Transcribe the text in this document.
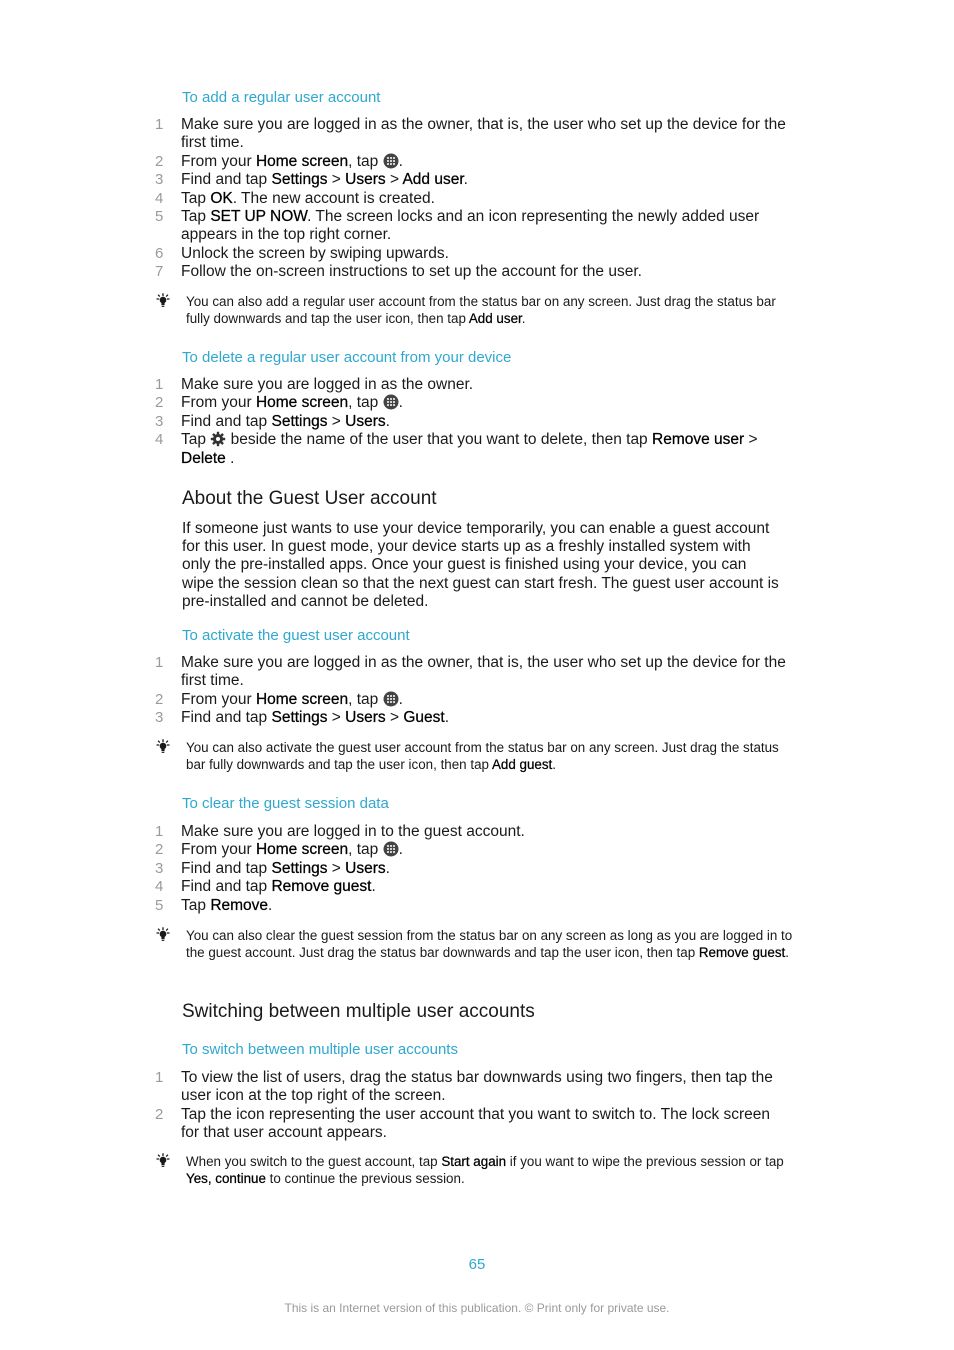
To add a regular user account
1 Make sure you are logged in as the owner, that is, the user who set up the device for the first time.
2 From your Home screen, tap .
3 Find and tap Settings > Users > Add user.
4 Tap OK. The new account is created.
5 Tap SET UP NOW. The screen locks and an icon representing the newly added user appears in the top right corner.
6 Unlock the screen by swiping upwards.
7 Follow the on-screen instructions to set up the account for the user.
You can also add a regular user account from the status bar on any screen. Just drag the status bar fully downwards and tap the user icon, then tap Add user.
To delete a regular user account from your device
1 Make sure you are logged in as the owner.
2 From your Home screen, tap .
3 Find and tap Settings > Users.
4 Tap  beside the name of the user that you want to delete, then tap Remove user > Delete .
About the Guest User account
If someone just wants to use your device temporarily, you can enable a guest account for this user. In guest mode, your device starts up as a freshly installed system with only the pre-installed apps. Once your guest is finished using your device, you can wipe the session clean so that the next guest can start fresh. The guest user account is pre-installed and cannot be deleted.
To activate the guest user account
1 Make sure you are logged in as the owner, that is, the user who set up the device for the first time.
2 From your Home screen, tap .
3 Find and tap Settings > Users > Guest.
You can also activate the guest user account from the status bar on any screen. Just drag the status bar fully downwards and tap the user icon, then tap Add guest.
To clear the guest session data
1 Make sure you are logged in to the guest account.
2 From your Home screen, tap .
3 Find and tap Settings > Users.
4 Find and tap Remove guest.
5 Tap Remove.
You can also clear the guest session from the status bar on any screen as long as you are logged in to the guest account. Just drag the status bar downwards and tap the user icon, then tap Remove guest.
Switching between multiple user accounts
To switch between multiple user accounts
1 To view the list of users, drag the status bar downwards using two fingers, then tap the user icon at the top right of the screen.
2 Tap the icon representing the user account that you want to switch to. The lock screen for that user account appears.
When you switch to the guest account, tap Start again if you want to wipe the previous session or tap Yes, continue to continue the previous session.
65
This is an Internet version of this publication. © Print only for private use.
